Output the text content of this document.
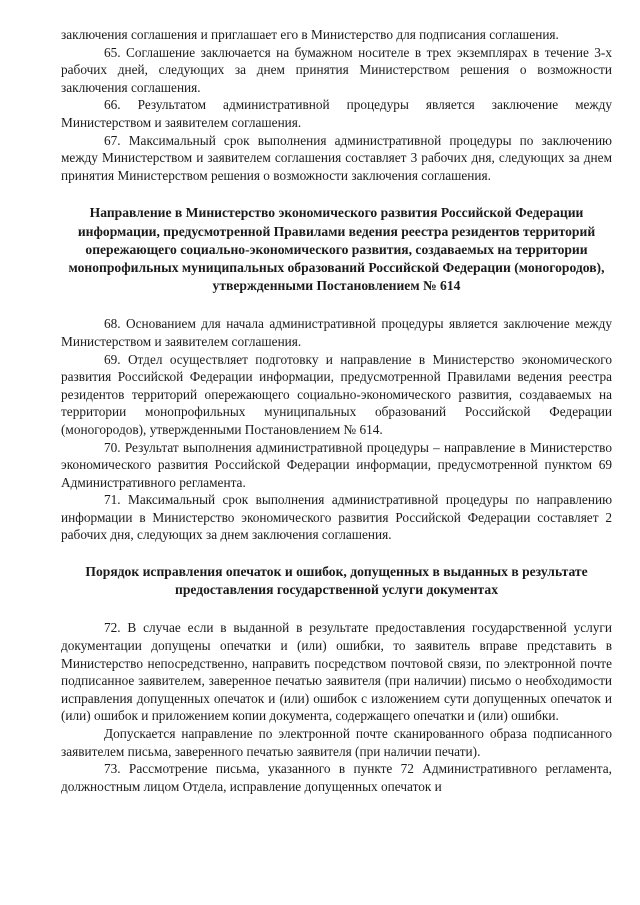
заключения соглашения и приглашает его в Министерство для подписания соглашения.

65. Соглашение заключается на бумажном носителе в трех экземплярах в течение 3-х рабочих дней, следующих за днем принятия Министерством решения о возможности заключения соглашения.

66. Результатом административной процедуры является заключение между Министерством и заявителем соглашения.

67. Максимальный срок выполнения административной процедуры по заключению между Министерством и заявителем соглашения составляет 3 рабочих дня, следующих за днем принятия Министерством решения о возможности заключения соглашения.

Направление в Министерство экономического развития Российской Федерации информации, предусмотренной Правилами ведения реестра резидентов территорий опережающего социально-экономического развития, создаваемых на территории монопрофильных муниципальных образований Российской Федерации (моногородов), утвержденными Постановлением № 614

68. Основанием для начала административной процедуры является заключение между Министерством и заявителем соглашения.

69. Отдел осуществляет подготовку и направление в Министерство экономического развития Российской Федерации информации, предусмотренной Правилами ведения реестра резидентов территорий опережающего социально-экономического развития, создаваемых на территории монопрофильных муниципальных образований Российской Федерации (моногородов), утвержденными Постановлением № 614.

70. Результат выполнения административной процедуры – направление в Министерство экономического развития Российской Федерации информации, предусмотренной пунктом 69 Административного регламента.

71. Максимальный срок выполнения административной процедуры по направлению информации в Министерство экономического развития Российской Федерации составляет 2 рабочих дня, следующих за днем заключения соглашения.

Порядок исправления опечаток и ошибок, допущенных в выданных в результате предоставления государственной услуги документах

72. В случае если в выданной в результате предоставления государственной услуги документации допущены опечатки и (или) ошибки, то заявитель вправе представить в Министерство непосредственно, направить посредством почтовой связи, по электронной почте подписанное заявителем, заверенное печатью заявителя (при наличии) письмо о необходимости исправления допущенных опечаток и (или) ошибок с изложением сути допущенных опечаток и (или) ошибок и приложением копии документа, содержащего опечатки и (или) ошибки.

Допускается направление по электронной почте сканированного образа подписанного заявителем письма, заверенного печатью заявителя (при наличии печати).

73. Рассмотрение письма, указанного в пункте 72 Административного регламента, должностным лицом Отдела, исправление допущенных опечаток и
